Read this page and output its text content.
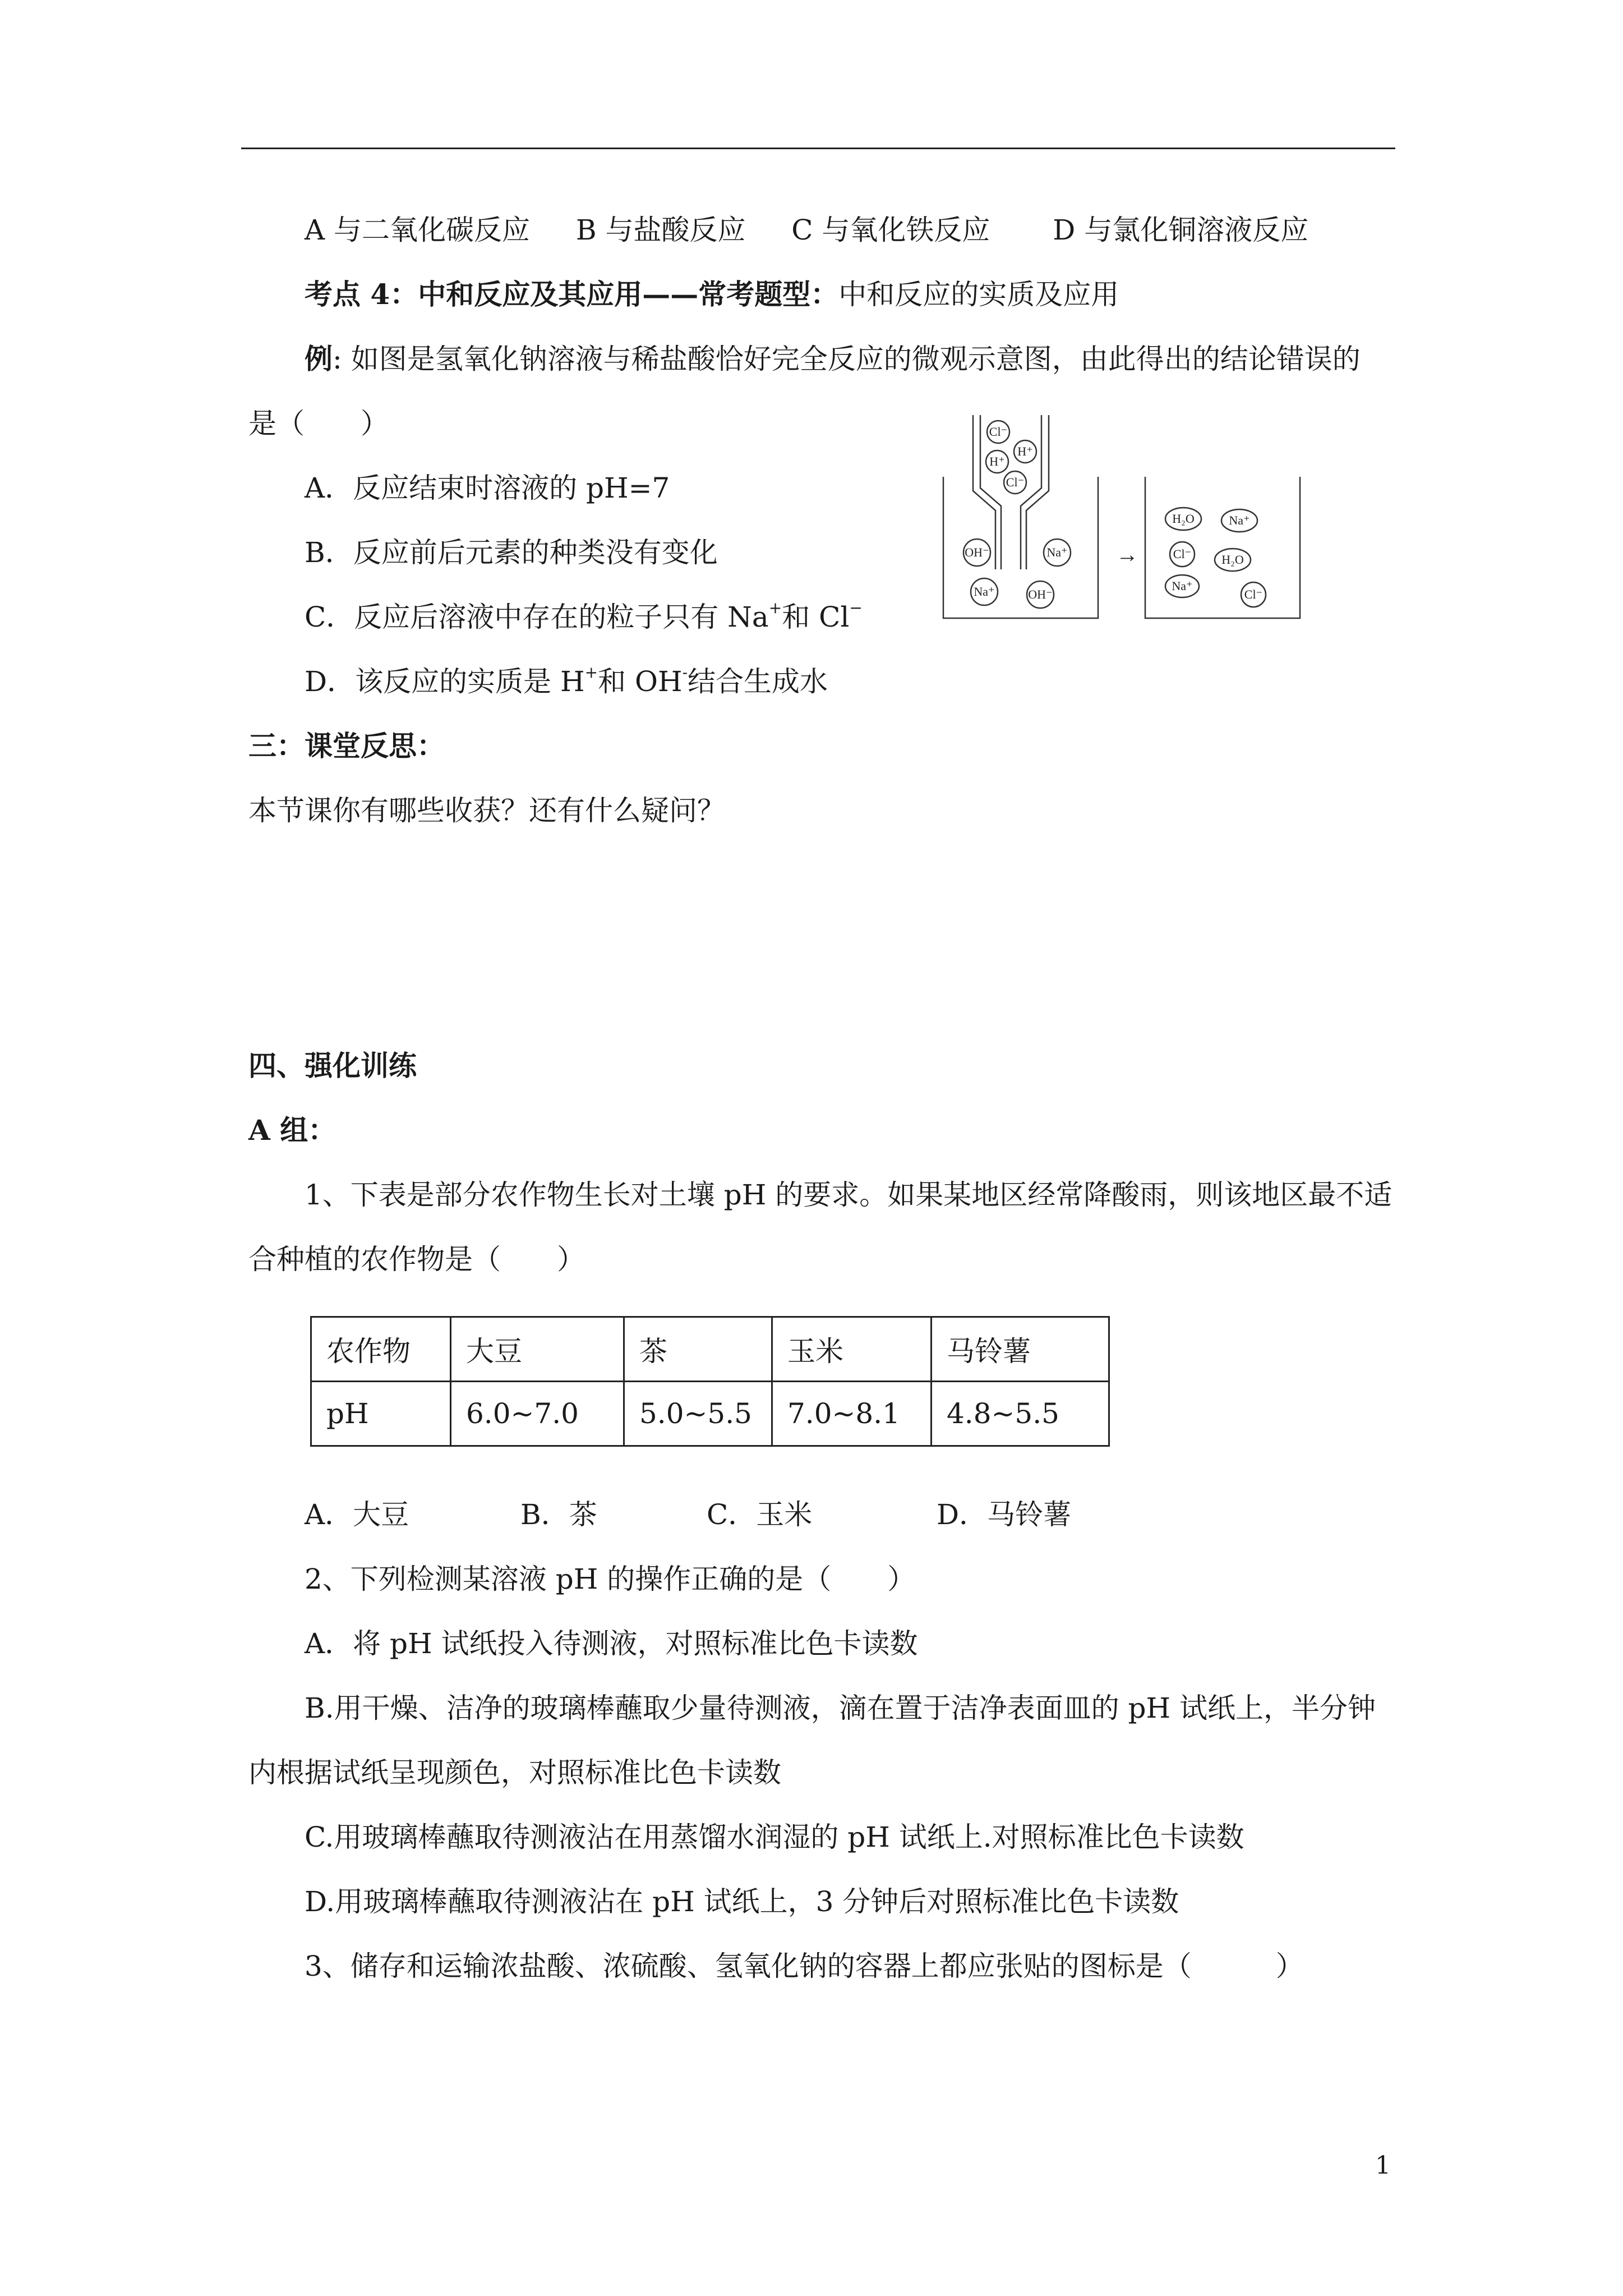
A 与二氧化碳反应 B 与盐酸反应 C 与氧化铁反应 D 与氯化铜溶液反应
考点 4：中和反应及其应用——常考题型：中和反应的实质及应用
例: 如图是氢氧化钠溶液与稀盐酸恰好完全反应的微观示意图，由此得出的结论错误的
是（　　）
A．反应结束时溶液的 pH=7
B．反应前后元素的种类没有变化
C．反应后溶液中存在的粒子只有 Na+和 Cl−
D．该反应的实质是 H+和 OH-结合生成水
Cl⁻
H⁺
H⁺
Cl⁻
OH⁻	Na⁺
Na⁺	OH⁻
→
H₂O	Na⁺
Cl⁻ H₂O
Na⁺
Cl⁻
三：课堂反思：
本节课你有哪些收获？还有什么疑问？
四、强化训练
A 组：
1、下表是部分农作物生长对土壤 pH 的要求。如果某地区经常降酸雨，则该地区最不适
合种植的农作物是（　　）
农作物	大豆	茶	玉米	马铃薯
pH	6.0~7.0	5.0~5.5	7.0~8.1	4.8~5.5
A．大豆	B．茶	C．玉米	D．马铃薯
2、下列检测某溶液 pH 的操作正确的是（　　）
A．将 pH 试纸投入待测液，对照标准比色卡读数
B.用干燥、洁净的玻璃棒蘸取少量待测液，滴在置于洁净表面皿的 pH 试纸上，半分钟
内根据试纸呈现颜色，对照标准比色卡读数
C.用玻璃棒蘸取待测液沾在用蒸馏水润湿的 pH 试纸上.对照标准比色卡读数
D.用玻璃棒蘸取待测液沾在 pH 试纸上，3 分钟后对照标准比色卡读数
3、储存和运输浓盐酸、浓硫酸、氢氧化钠的容器上都应张贴的图标是（　　　）
1
